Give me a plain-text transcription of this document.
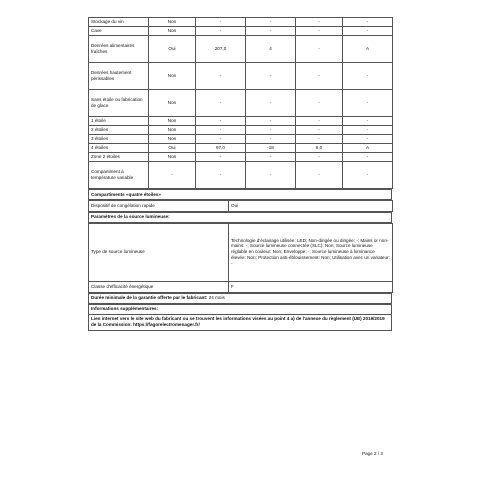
Stockage du vin	Non	-	-	-	-
Cave	Non	-	-	-	-
Denrées alimentaires fraîches	Oui	207,0	4	-	A
Denrées hautement périssables	Non	-	-	-	-
Sans étoile ou fabrication de glace	Non	-	-	-	-
1 étoile	Non	-	-	-	-
2 étoiles	Non	-	-	-	-
3 étoiles	Non	-	-	-	-
4 étoiles	Oui	97,0	-18	6,0	A
Zone 2 étoiles	Non	-	-	-	-
Compartiment à température variable	-	-	-	-	-
Compartiments «quatre étoiles»
Dispositif de congélation rapide	Oui
Paramètres de la source lumineuse:
Type de source lumineuse	Technologie d'éclairage utilisée: LED; Non-dirigée ou dirigée: -; Mains or non-mains: -; Source lumineuse connectée (SLC): Non; Source lumineuse réglable en couleur: Non; Enveloppe: -; Source lumineuse à luminance élevée: Non; Protection anti-éblouissement: Non; Utilisation avec un variateur: -
Classe d'efficacité énergétique	F
Durée minimale de la garantie offerte par le fabricant: 24 mois
Informations supplémentaires:
Lien internet vers le site web du fabricant ou se trouvent les informations visées au point 4 a) de l'annexe du règlement (UE) 2019/2019 de la Commission: https://fagorelectromenager.fr/
Page 2 / 3
